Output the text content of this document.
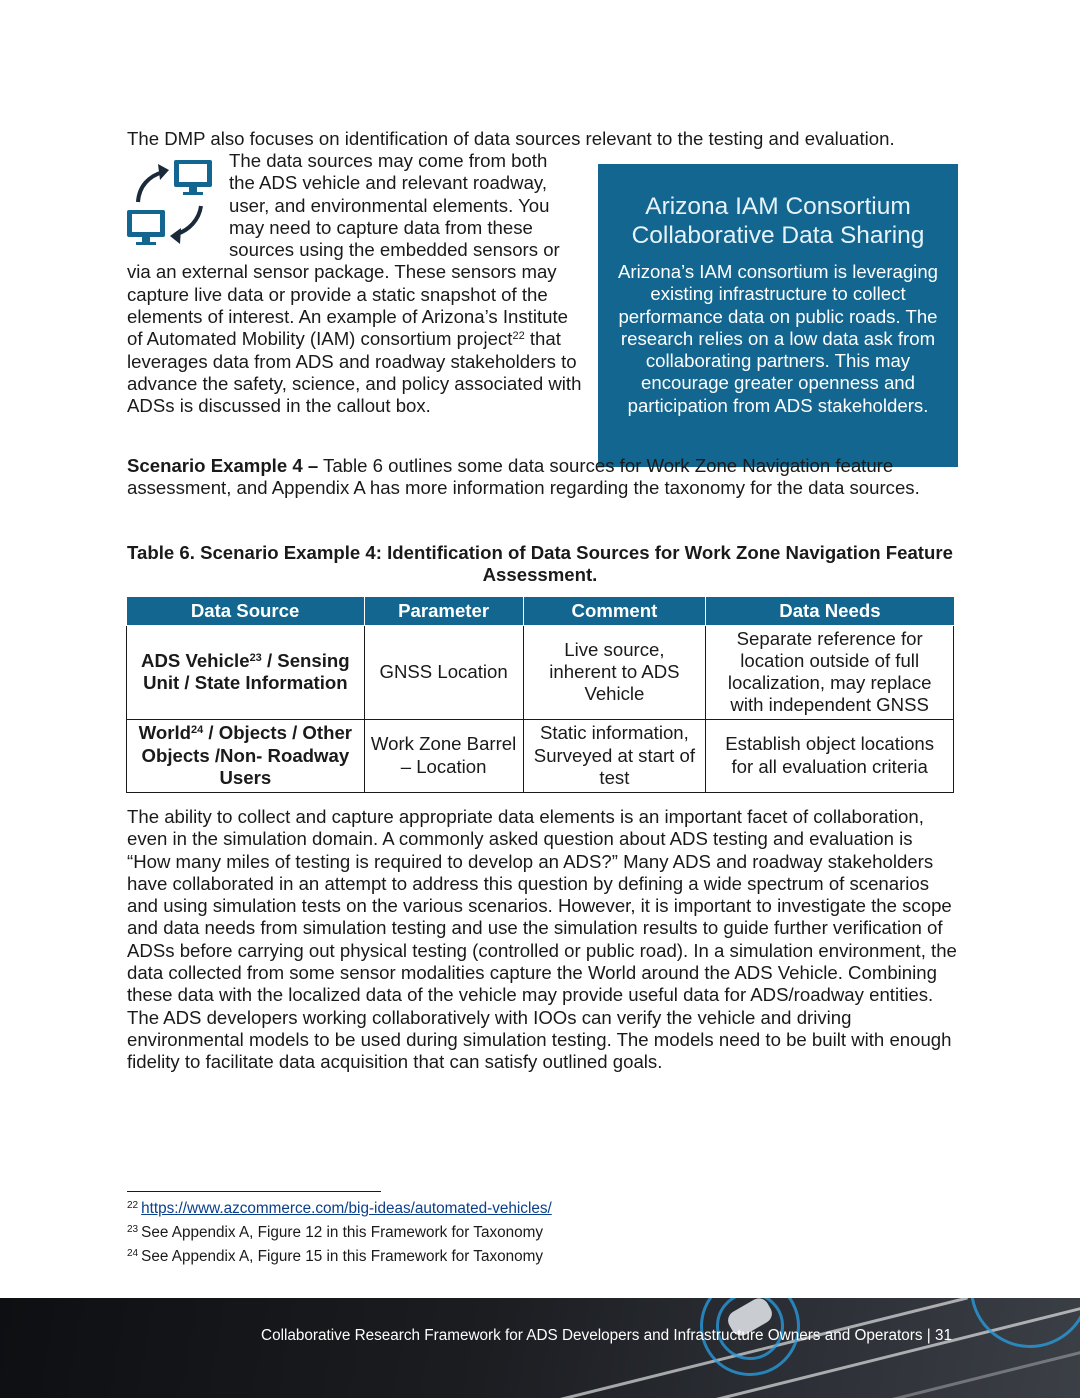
The DMP also focuses on identification of data sources relevant to the testing and evaluation.

The data sources may come from both
the ADS vehicle and relevant roadway,
user, and environmental elements. You
may need to capture data from these
sources using the embedded sensors or
via an external sensor package. These sensors may capture live data or provide a static snapshot of the elements of interest. An example of Arizona’s Institute of Automated Mobility (IAM) consortium project$^{22}$ that leverages data from ADS and roadway stakeholders to advance the safety, science, and policy associated with ADSs is discussed in the callout box.
Arizona IAM Consortium Collaborative Data Sharing
Arizona’s IAM consortium is leveraging existing infrastructure to collect performance data on public roads. The research relies on a low data ask from collaborating partners. This may encourage greater openness and participation from ADS stakeholders.

Scenario Example 4 – Table 6 outlines some data sources for Work Zone Navigation feature assessment, and Appendix A has more information regarding the taxonomy for the data sources.

Table 6. Scenario Example 4: Identification of Data Sources for Work Zone Navigation Feature Assessment.
Data Source	Parameter	Comment	Data Needs
ADS Vehicle$^{23}$ / Sensing Unit / State Information	GNSS Location	Live source, inherent to ADS Vehicle	Separate reference for location outside of full localization, may replace with independent GNSS
World$^{24}$ / Objects / Other Objects /Non- Roadway Users	Work Zone Barrel – Location	Static information, Surveyed at start of test	Establish object locations for all evaluation criteria

The ability to collect and capture appropriate data elements is an important facet of collaboration, even in the simulation domain. A commonly asked question about ADS testing and evaluation is “How many miles of testing is required to develop an ADS?” Many ADS and roadway stakeholders have collaborated in an attempt to address this question by defining a wide spectrum of scenarios and using simulation tests on the various scenarios. However, it is important to investigate the scope and data needs from simulation testing and use the simulation results to guide further verification of ADSs before carrying out physical testing (controlled or public road). In a simulation environment, the data collected from some sensor modalities capture the World around the ADS Vehicle. Combining these data with the localized data of the vehicle may provide useful data for ADS/roadway entities. The ADS developers working collaboratively with IOOs can verify the vehicle and driving environmental models to be used during simulation testing. The models need to be built with enough fidelity to facilitate data acquisition that can satisfy outlined goals.

$^{22}$ https://www.azcommerce.com/big-ideas/automated-vehicles/
$^{23}$ See Appendix A, Figure 12 in this Framework for Taxonomy
$^{24}$ See Appendix A, Figure 15 in this Framework for Taxonomy
Collaborative Research Framework for ADS Developers and Infrastructure Owners and Operators | 31
